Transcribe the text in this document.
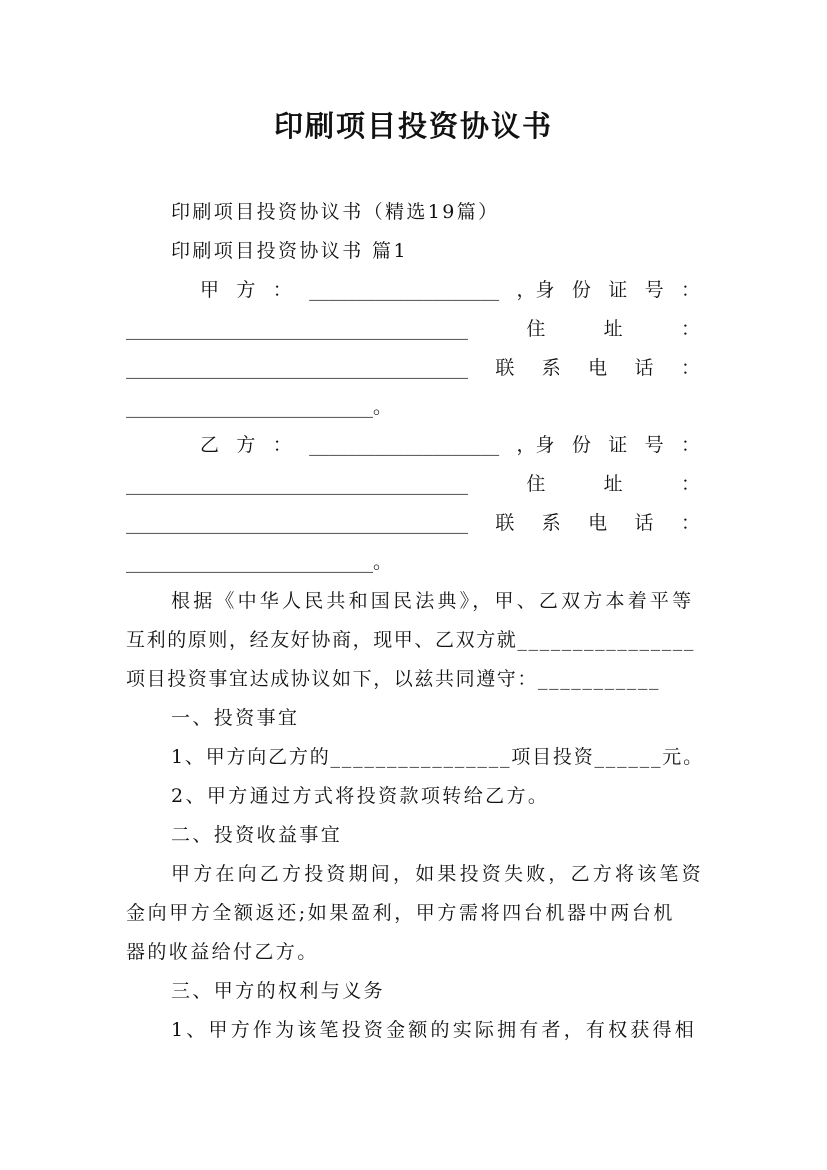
印刷项目投资协议书
印刷项目投资协议书（精选19篇）
印刷项目投资协议书 篇1
甲 方 ： ____________________ ，身 份 证 号 ：
____________________________________	住	址	：
____________________________________ 联 系 电 话 ：
__________________________。
乙 方 ： ____________________ ，身 份 证 号 ：
____________________________________	住	址	：
____________________________________ 联 系 电 话 ：
__________________________。
根据《中华人民共和国民法典》，甲、乙双方本着平等
互利的原则，经友好协商，现甲、乙双方就________________
项目投资事宜达成协议如下，以兹共同遵守：___________
一、投资事宜
1、甲方向乙方的________________项目投资______元。
2、甲方通过方式将投资款项转给乙方。
二、投资收益事宜
甲方在向乙方投资期间，如果投资失败，乙方将该笔资
金向甲方全额返还;如果盈利，甲方需将四台机器中两台机
器的收益给付乙方。
三、甲方的权利与义务
1、甲方作为该笔投资金额的实际拥有者，有权获得相
